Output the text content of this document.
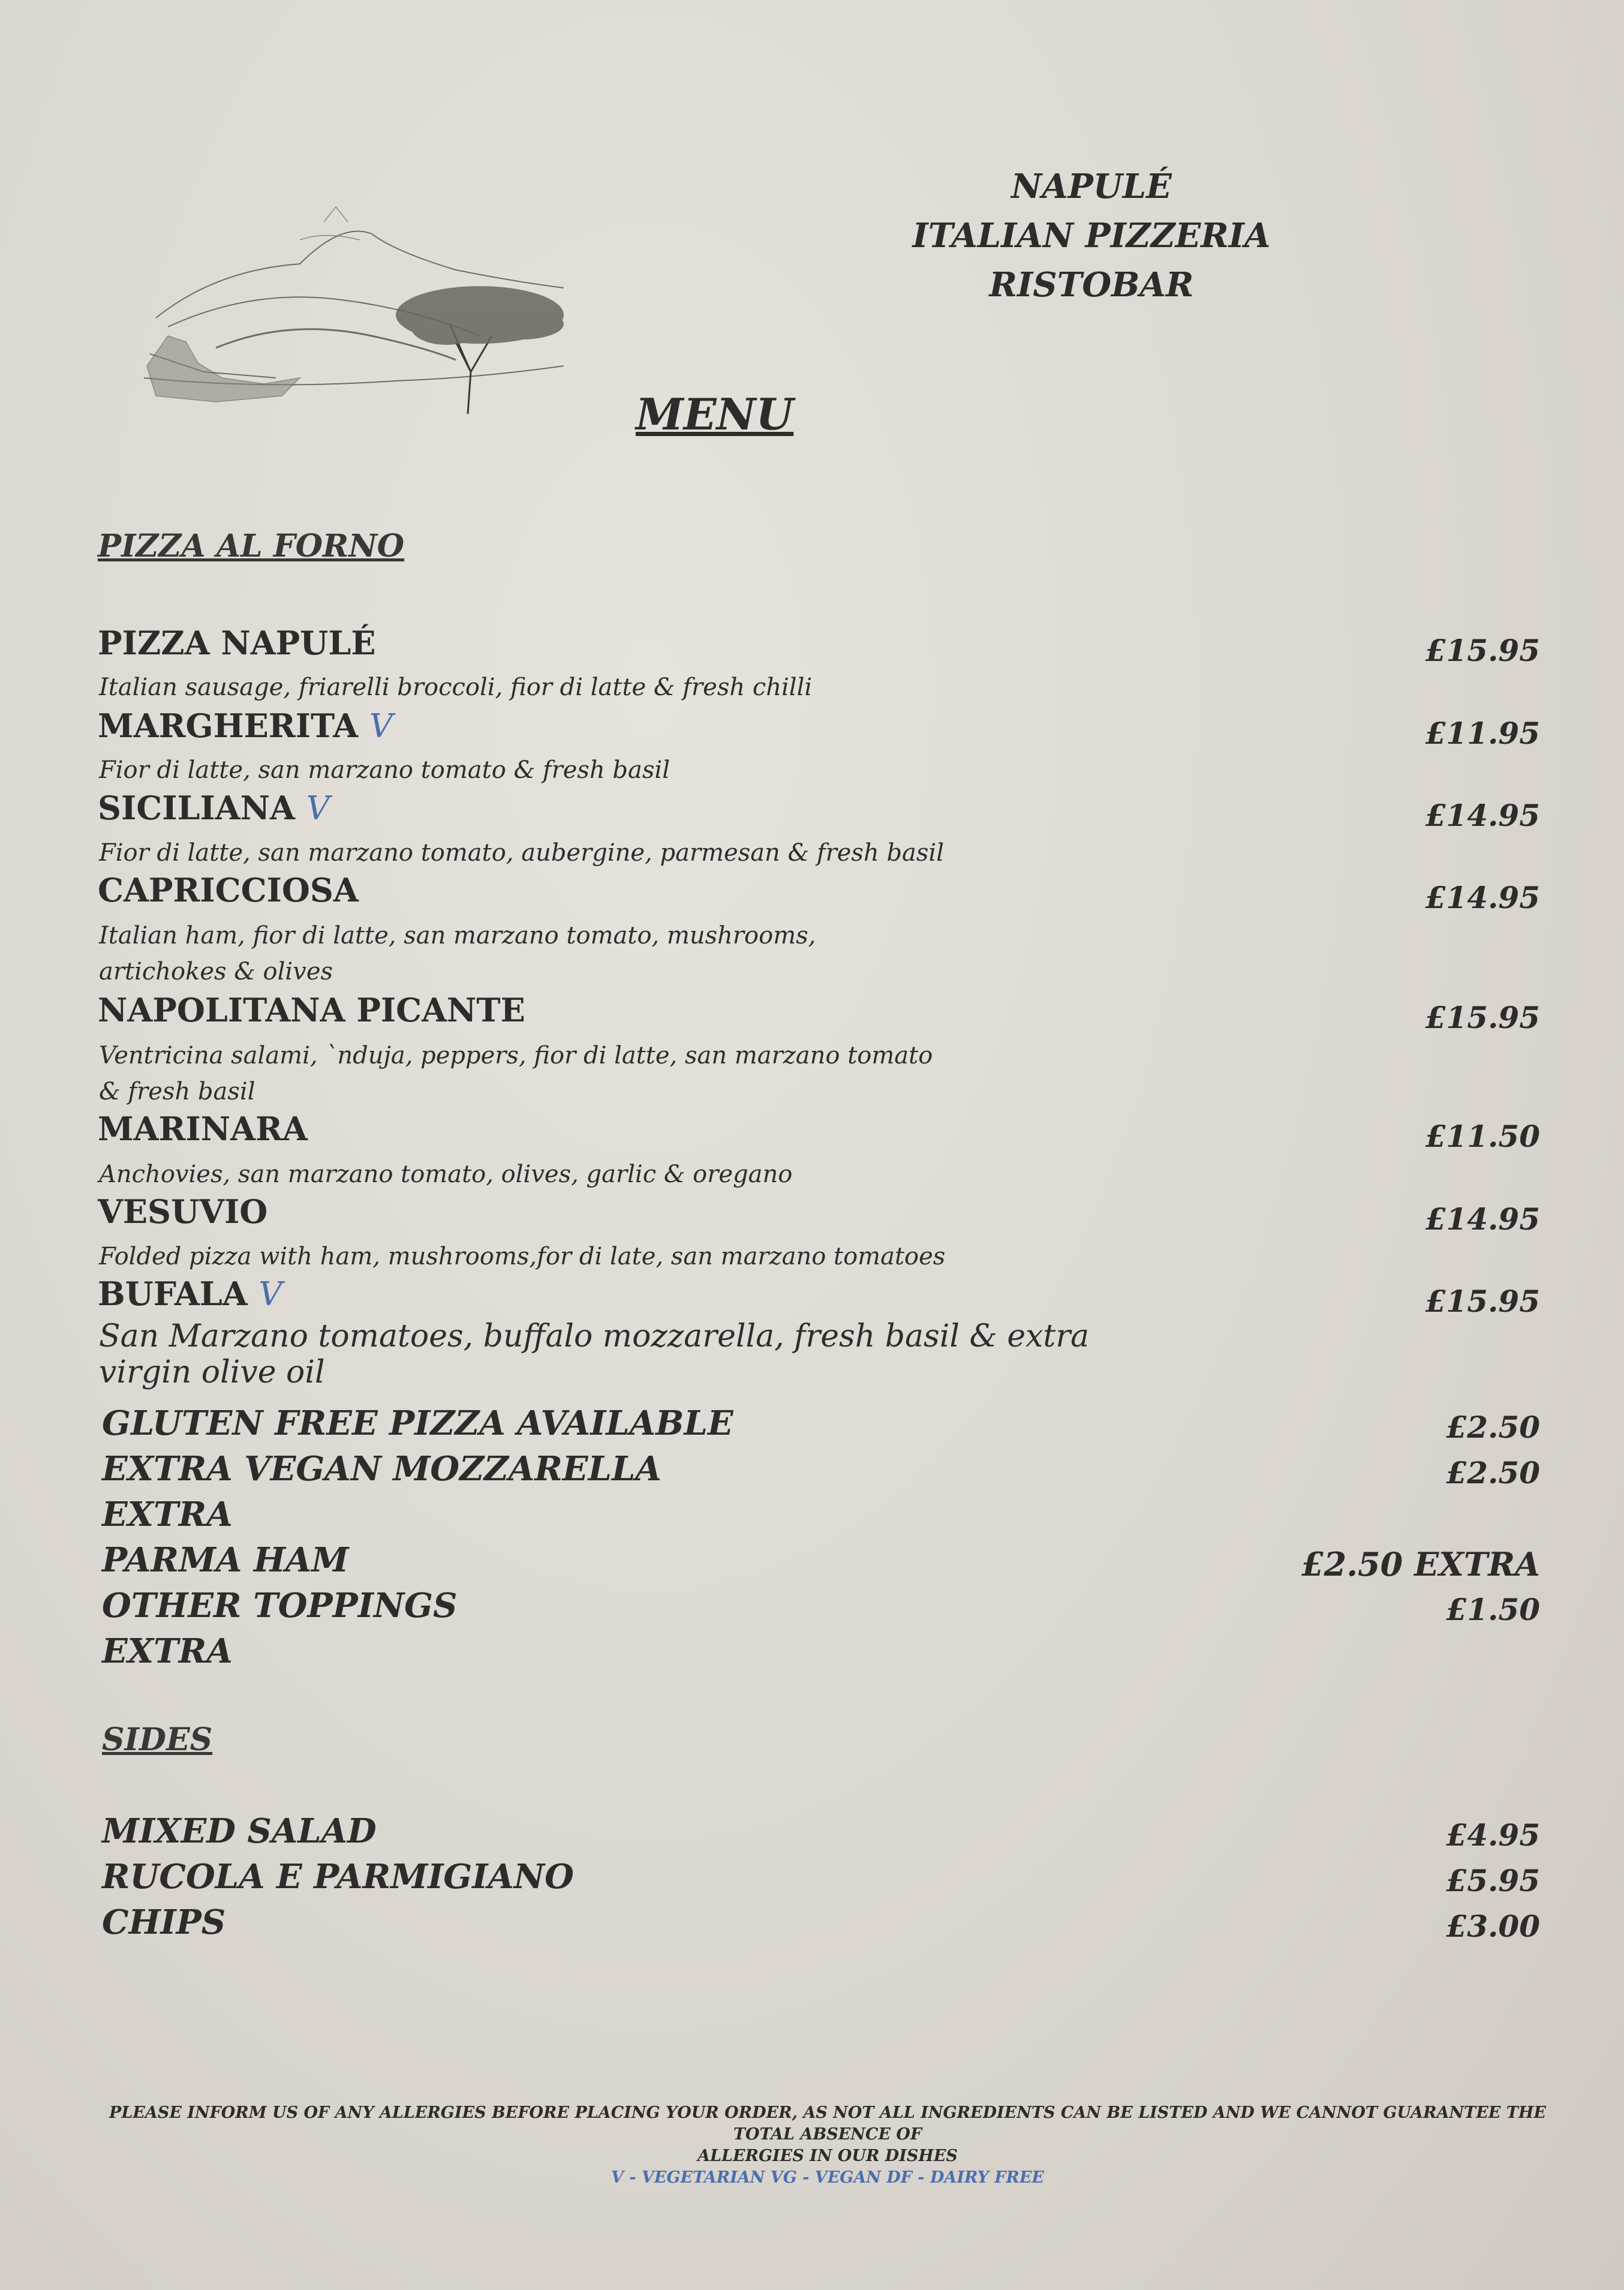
NAPULÉ
ITALIAN PIZZERIA
RISTOBAR
MENU
PIZZA AL FORNO
PIZZA NAPULÉ	£15.95
Italian sausage, friarelli broccoli, fior di latte & fresh chilli
MARGHERITA V	£11.95
Fior di latte, san marzano tomato & fresh basil
SICILIANA V	£14.95
Fior di latte, san marzano tomato, aubergine, parmesan & fresh basil
CAPRICCIOSA	£14.95
Italian ham, fior di latte, san marzano tomato, mushrooms,
artichokes & olives
NAPOLITANA PICANTE	£15.95
Ventricina salami, `nduja, peppers, fior di latte, san marzano tomato
& fresh basil
MARINARA	£11.50
Anchovies, san marzano tomato, olives, garlic & oregano
VESUVIO	£14.95
Folded pizza with ham, mushrooms,for di late, san marzano tomatoes
BUFALA V	£15.95
San Marzano tomatoes, buffalo mozzarella, fresh basil & extra virgin olive oil
GLUTEN FREE PIZZA AVAILABLE	£2.50
EXTRA VEGAN MOZZARELLA	£2.50
EXTRA
PARMA HAM	£2.50 EXTRA
OTHER TOPPINGS	£1.50
EXTRA
SIDES
MIXED SALAD	£4.95
RUCOLA E PARMIGIANO	£5.95
CHIPS	£3.00
PLEASE INFORM US OF ANY ALLERGIES BEFORE PLACING YOUR ORDER, AS NOT ALL INGREDIENTS CAN BE LISTED AND WE CANNOT GUARANTEE THE TOTAL ABSENCE OF
ALLERGIES IN OUR DISHES
V - VEGETARIAN VG - VEGAN DF - DAIRY FREE
